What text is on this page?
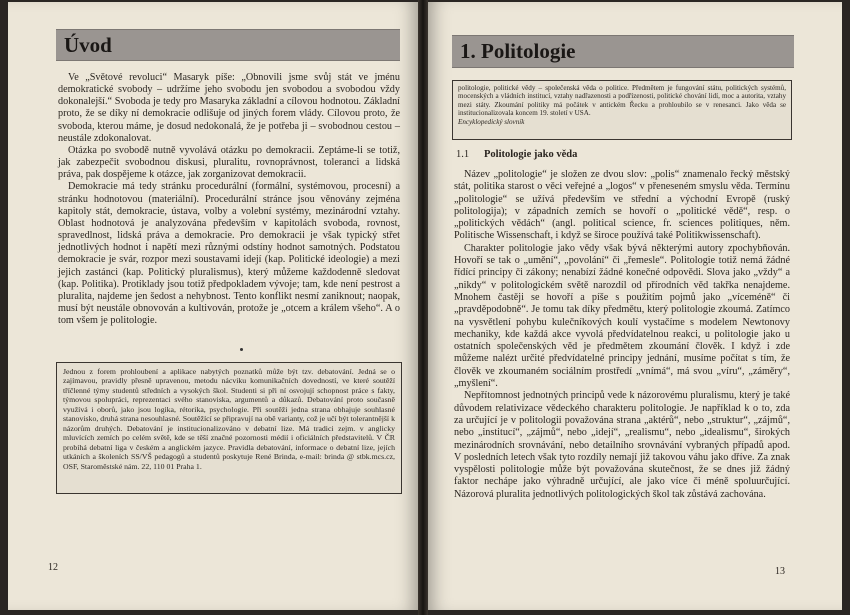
Úvod

Ve „Světové revoluci“ Masaryk píše: „Obnovili jsme svůj stát ve jménu demokratické svobody – udržíme jeho svobodu jen svobodou a svobodou vždy dokonalejší.“ Svoboda je tedy pro Masaryka základní a cílovou hodnotou. Základní proto, že se díky ní demokracie odlišuje od jiných forem vlády. Cílovou proto, že svoboda, kterou máme, je dosud nedokonalá, že je potřeba ji – svobodnou cestou – neustále zdokonalovat.

Otázka po svobodě nutně vyvolává otázku po demokracii. Zeptáme-li se totiž, jak zabezpečit svobodnou diskusi, pluralitu, rovnoprávnost, toleranci a lidská práva, pak dospějeme k otázce, jak zorganizovat demokracii.

Demokracie má tedy stránku procedurální (formální, systémovou, procesní) a stránku hodnotovou (materiální). Procedurální stránce jsou věnovány zejména kapitoly stát, demokracie, ústava, volby a volební systémy, mezinárodní vztahy. Oblast hodnotová je analyzována především v kapitolách svoboda, rovnost, spravedlnost, lidská práva a demokracie. Pro demokracii je však typický střet jednotlivých hodnot i napětí mezi různými odstíny hodnot samotných. Podstatou demokracie je svár, rozpor mezi soustavami idejí (kap. Politické ideologie) a mezi jejich zastánci (kap. Politický pluralismus), který můžeme každodenně sledovat (kap. Politika). Protiklady jsou totiž předpokladem vývoje; tam, kde není pestrost a pluralita, najdeme jen šedost a nehybnost. Tento konflikt nesmí zaniknout; naopak, musí být neustále obnovován a kultivován, protože je „otcem a králem všeho“. A o tom všem je politologie.

Jednou z forem prohloubení a aplikace nabytých poznatků může být tzv. debatování. Jedná se o zajímavou, pravidly přesně upravenou, metodu nácviku komunikačních dovedností, ve které soutěží tříčlenné týmy studentů středních a vysokých škol. Studenti si při ní osvojují schopnost práce s fakty, týmovou spolupráci, reprezentaci svého stanoviska, argumentů a důkazů. Debatování proto současně využívá i oborů, jako jsou logika, rétorika, psychologie. Při soutěži jedna strana obhajuje souhlasné stanovisko, druhá strana nesouhlasné. Soutěžící se připravují na obě varianty, což je učí být tolerantnější k názorům druhých. Debatování je institucionalizováno v debatní lize. Má tradici zejm. v anglicky mluvících zemích po celém světě, kde se těší značné pozornosti médií i oficiálních představitelů. V ČR probíhá debatní liga v českém a anglickém jazyce. Pravidla debatování, informace o debatní lize, jejích utkáních a školeních SS/VŠ pedagogů a studentů poskytuje René Brinda, e-mail: brinda @ stbk.mcs.cz, OSF, Staroměstské nám. 22, 110 01 Praha 1.
12
1. Politologie
politologie, politické vědy – společenská věda o politice. Předmětem je fungování státu, politických systémů, mocenských a vládních institucí, vztahy nadřazenosti a podřízenosti, politické chování lidí, moc a autorita, vztahy mezi státy. Zkoumání politiky má počátek v antickém Řecku a prohloubilo se v renesanci. Jako věda se institucionalizovala koncem 19. století v USA.
Encyklopedický slovník
1.1 Politologie jako věda

Název „politologie“ je složen ze dvou slov: „polis“ znamenalo řecký městský stát, politika starost o věci veřejné a „logos“ v přeneseném smyslu věda. Termínu „politologie“ se užívá především ve střední a východní Evropě (ruský politologija); v západních zemích se hovoří o „politické vědě“, resp. o „politických vědách“ (angl. political science, fr. sciences politiques, něm. Politische Wissenschaft, i když se široce používá také Politikwissenschaft).

Charakter politologie jako vědy však bývá některými autory zpochybňován. Hovoří se tak o „umění“, „povolání“ či „řemesle“. Politologie totiž nemá žádné řídící principy či zákony; nenabízí žádné konečné odpovědi. Slova jako „vždy“ a „nikdy“ v politologickém světě narozdíl od přírodních věd takřka nenajdeme. Mnohem častěji se hovoří a píše s použitím pojmů jako „víceméně“ či „pravděpodobně“. Je tomu tak díky předmětu, který politologie zkoumá. Zatímco na vysvětlení pohybu kulečníkových koulí vystačíme s modelem Newtonovy mechaniky, kde každá akce vyvolá předvídatelnou reakci, u politologie jako u ostatních společenských věd je předmětem zkoumání člověk. I když i zde můžeme nalézt určité předvídatelné principy jednání, musíme počítat s tím, že člověk ve zkoumaném sociálním prostředí „vnímá“, má svou „víru“, „záměry“, „myšlení“.

Nepřítomnost jednotných principů vede k názorovému pluralismu, který je také důvodem relativizace vědeckého charakteru politologie. Je například k o to, zda za určující je v politologii považována strana „aktérů“, nebo „struktur“, „zájmů“, nebo „institucí“, „zájmů“, nebo „idejí“, „realismu“, nebo „idealismu“, širokých mezinárodních srovnávání, nebo detailního srovnávání vybraných případů apod. V posledních letech však tyto rozdíly nemají již takovou váhu jako dříve. Za znak vyspělosti politologie může být považována skutečnost, že se dnes již žádný faktor nechápe jako výhradně určující, ale jako více či méně spoluurčující. Názorová pluralita jednotlivých politologických škol tak zůstává zachována.

13
